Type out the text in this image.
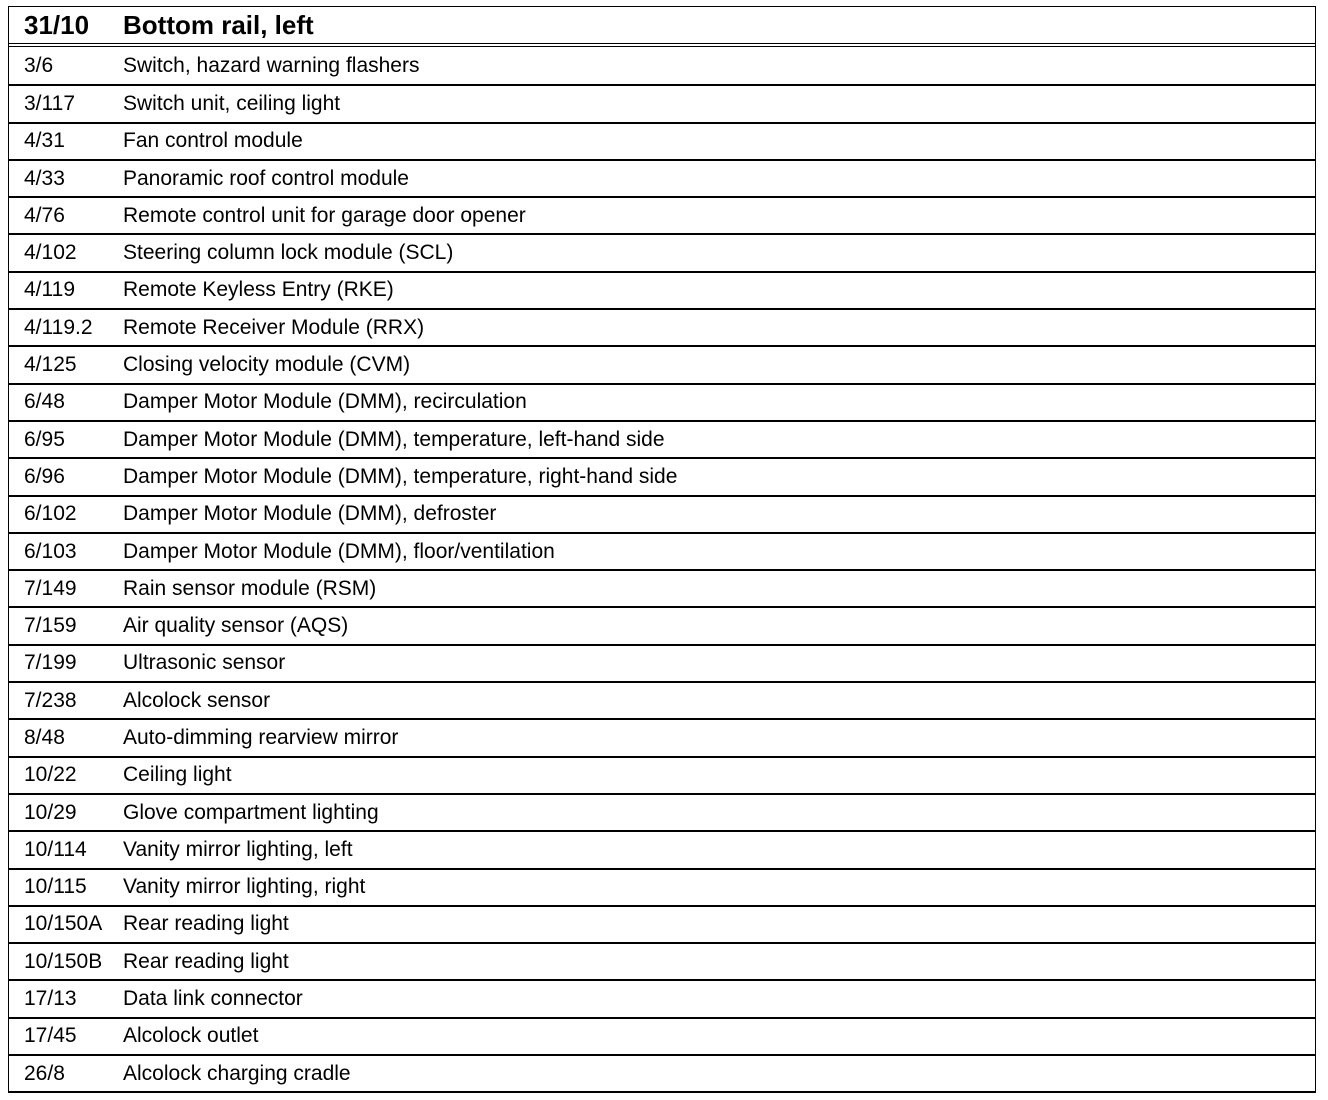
31/10	Bottom rail, left
3/6	Switch, hazard warning flashers
3/117	Switch unit, ceiling light
4/31	Fan control module
4/33	Panoramic roof control module
4/76	Remote control unit for garage door opener
4/102	Steering column lock module (SCL)
4/119	Remote Keyless Entry (RKE)
4/119.2	Remote Receiver Module (RRX)
4/125	Closing velocity module (CVM)
6/48	Damper Motor Module (DMM), recirculation
6/95	Damper Motor Module (DMM), temperature, left-hand side
6/96	Damper Motor Module (DMM), temperature, right-hand side
6/102	Damper Motor Module (DMM), defroster
6/103	Damper Motor Module (DMM), floor/ventilation
7/149	Rain sensor module (RSM)
7/159	Air quality sensor (AQS)
7/199	Ultrasonic sensor
7/238	Alcolock sensor
8/48	Auto-dimming rearview mirror
10/22	Ceiling light
10/29	Glove compartment lighting
10/114	Vanity mirror lighting, left
10/115	Vanity mirror lighting, right
10/150A Rear reading light
10/150B Rear reading light
17/13	Data link connector
17/45	Alcolock outlet
26/8	Alcolock charging cradle
